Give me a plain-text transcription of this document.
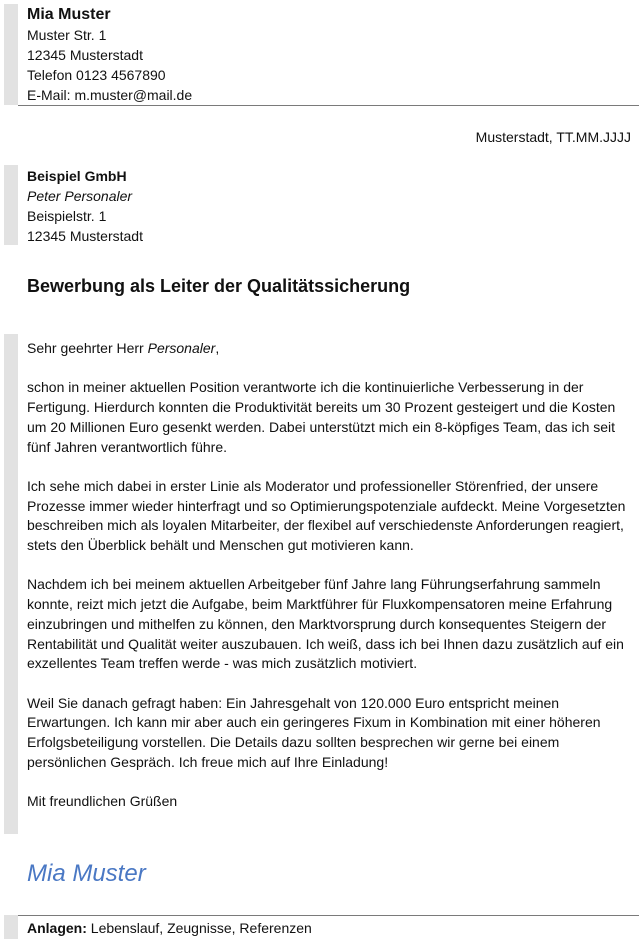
Mia Muster
Muster Str. 1
12345 Musterstadt
Telefon 0123 4567890
E-Mail: m.muster@mail.de
Musterstadt, TT.MM.JJJJ
Beispiel GmbH
Peter Personaler
Beispielstr. 1
12345 Musterstadt
Bewerbung als Leiter der Qualitätssicherung

Sehr geehrter Herr Personaler,

schon in meiner aktuellen Position verantworte ich die kontinuierliche Verbesserung in der Fertigung. Hierdurch konnten die Produktivität bereits um 30 Prozent gesteigert und die Kosten um 20 Millionen Euro gesenkt werden. Dabei unterstützt mich ein 8-köpfiges Team, das ich seit fünf Jahren verantwortlich führe.

Ich sehe mich dabei in erster Linie als Moderator und professioneller Störenfried, der unsere Prozesse immer wieder hinterfragt und so Optimierungspotenziale aufdeckt. Meine Vorgesetzten beschreiben mich als loyalen Mitarbeiter, der flexibel auf verschiedenste Anforderungen reagiert, stets den Überblick behält und Menschen gut motivieren kann.

Nachdem ich bei meinem aktuellen Arbeitgeber fünf Jahre lang Führungserfahrung sammeln konnte, reizt mich jetzt die Aufgabe, beim Marktführer für Fluxkompensatoren meine Erfahrung einzubringen und mithelfen zu können, den Marktvorsprung durch konsequentes Steigern der Rentabilität und Qualität weiter auszubauen. Ich weiß, dass ich bei Ihnen dazu zusätzlich auf ein exzellentes Team treffen werde - was mich zusätzlich motiviert.

Weil Sie danach gefragt haben: Ein Jahresgehalt von 120.000 Euro entspricht meinen Erwartungen. Ich kann mir aber auch ein geringeres Fixum in Kombination mit einer höheren Erfolgsbeteiligung vorstellen. Die Details dazu sollten besprechen wir gerne bei einem persönlichen Gespräch. Ich freue mich auf Ihre Einladung!

Mit freundlichen Grüßen

Mia Muster
Anlagen: Lebenslauf, Zeugnisse, Referenzen
